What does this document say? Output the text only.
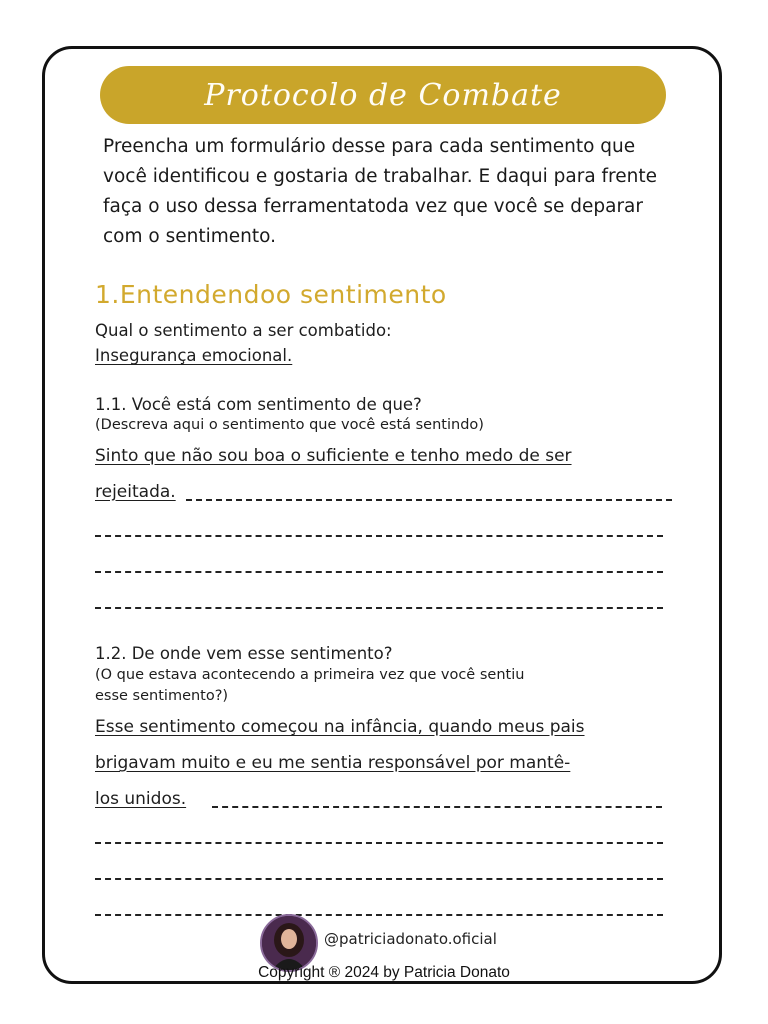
Protocolo de Combate
Preencha um formulário desse para cada sentimento que você identificou e gostaria de trabalhar. E daqui para frente faça o uso dessa ferramentatoda vez que você se deparar com o sentimento.
1.Entendendoo sentimento
Qual o sentimento a ser combatido:
Insegurança emocional.
1.1. Você está com sentimento de que?
(Descreva aqui o sentimento que você está sentindo)
Sinto que não sou boa o suficiente e tenho medo de ser
rejeitada.
1.2. De onde vem esse sentimento?
(O que estava acontecendo a primeira vez que você sentiu
esse sentimento?)
Esse sentimento começou na infância, quando meus pais
brigavam muito e eu me sentia responsável por mantê-
los unidos.
@patriciadonato.oficial
Copyright ® 2024 by Patricia Donato
